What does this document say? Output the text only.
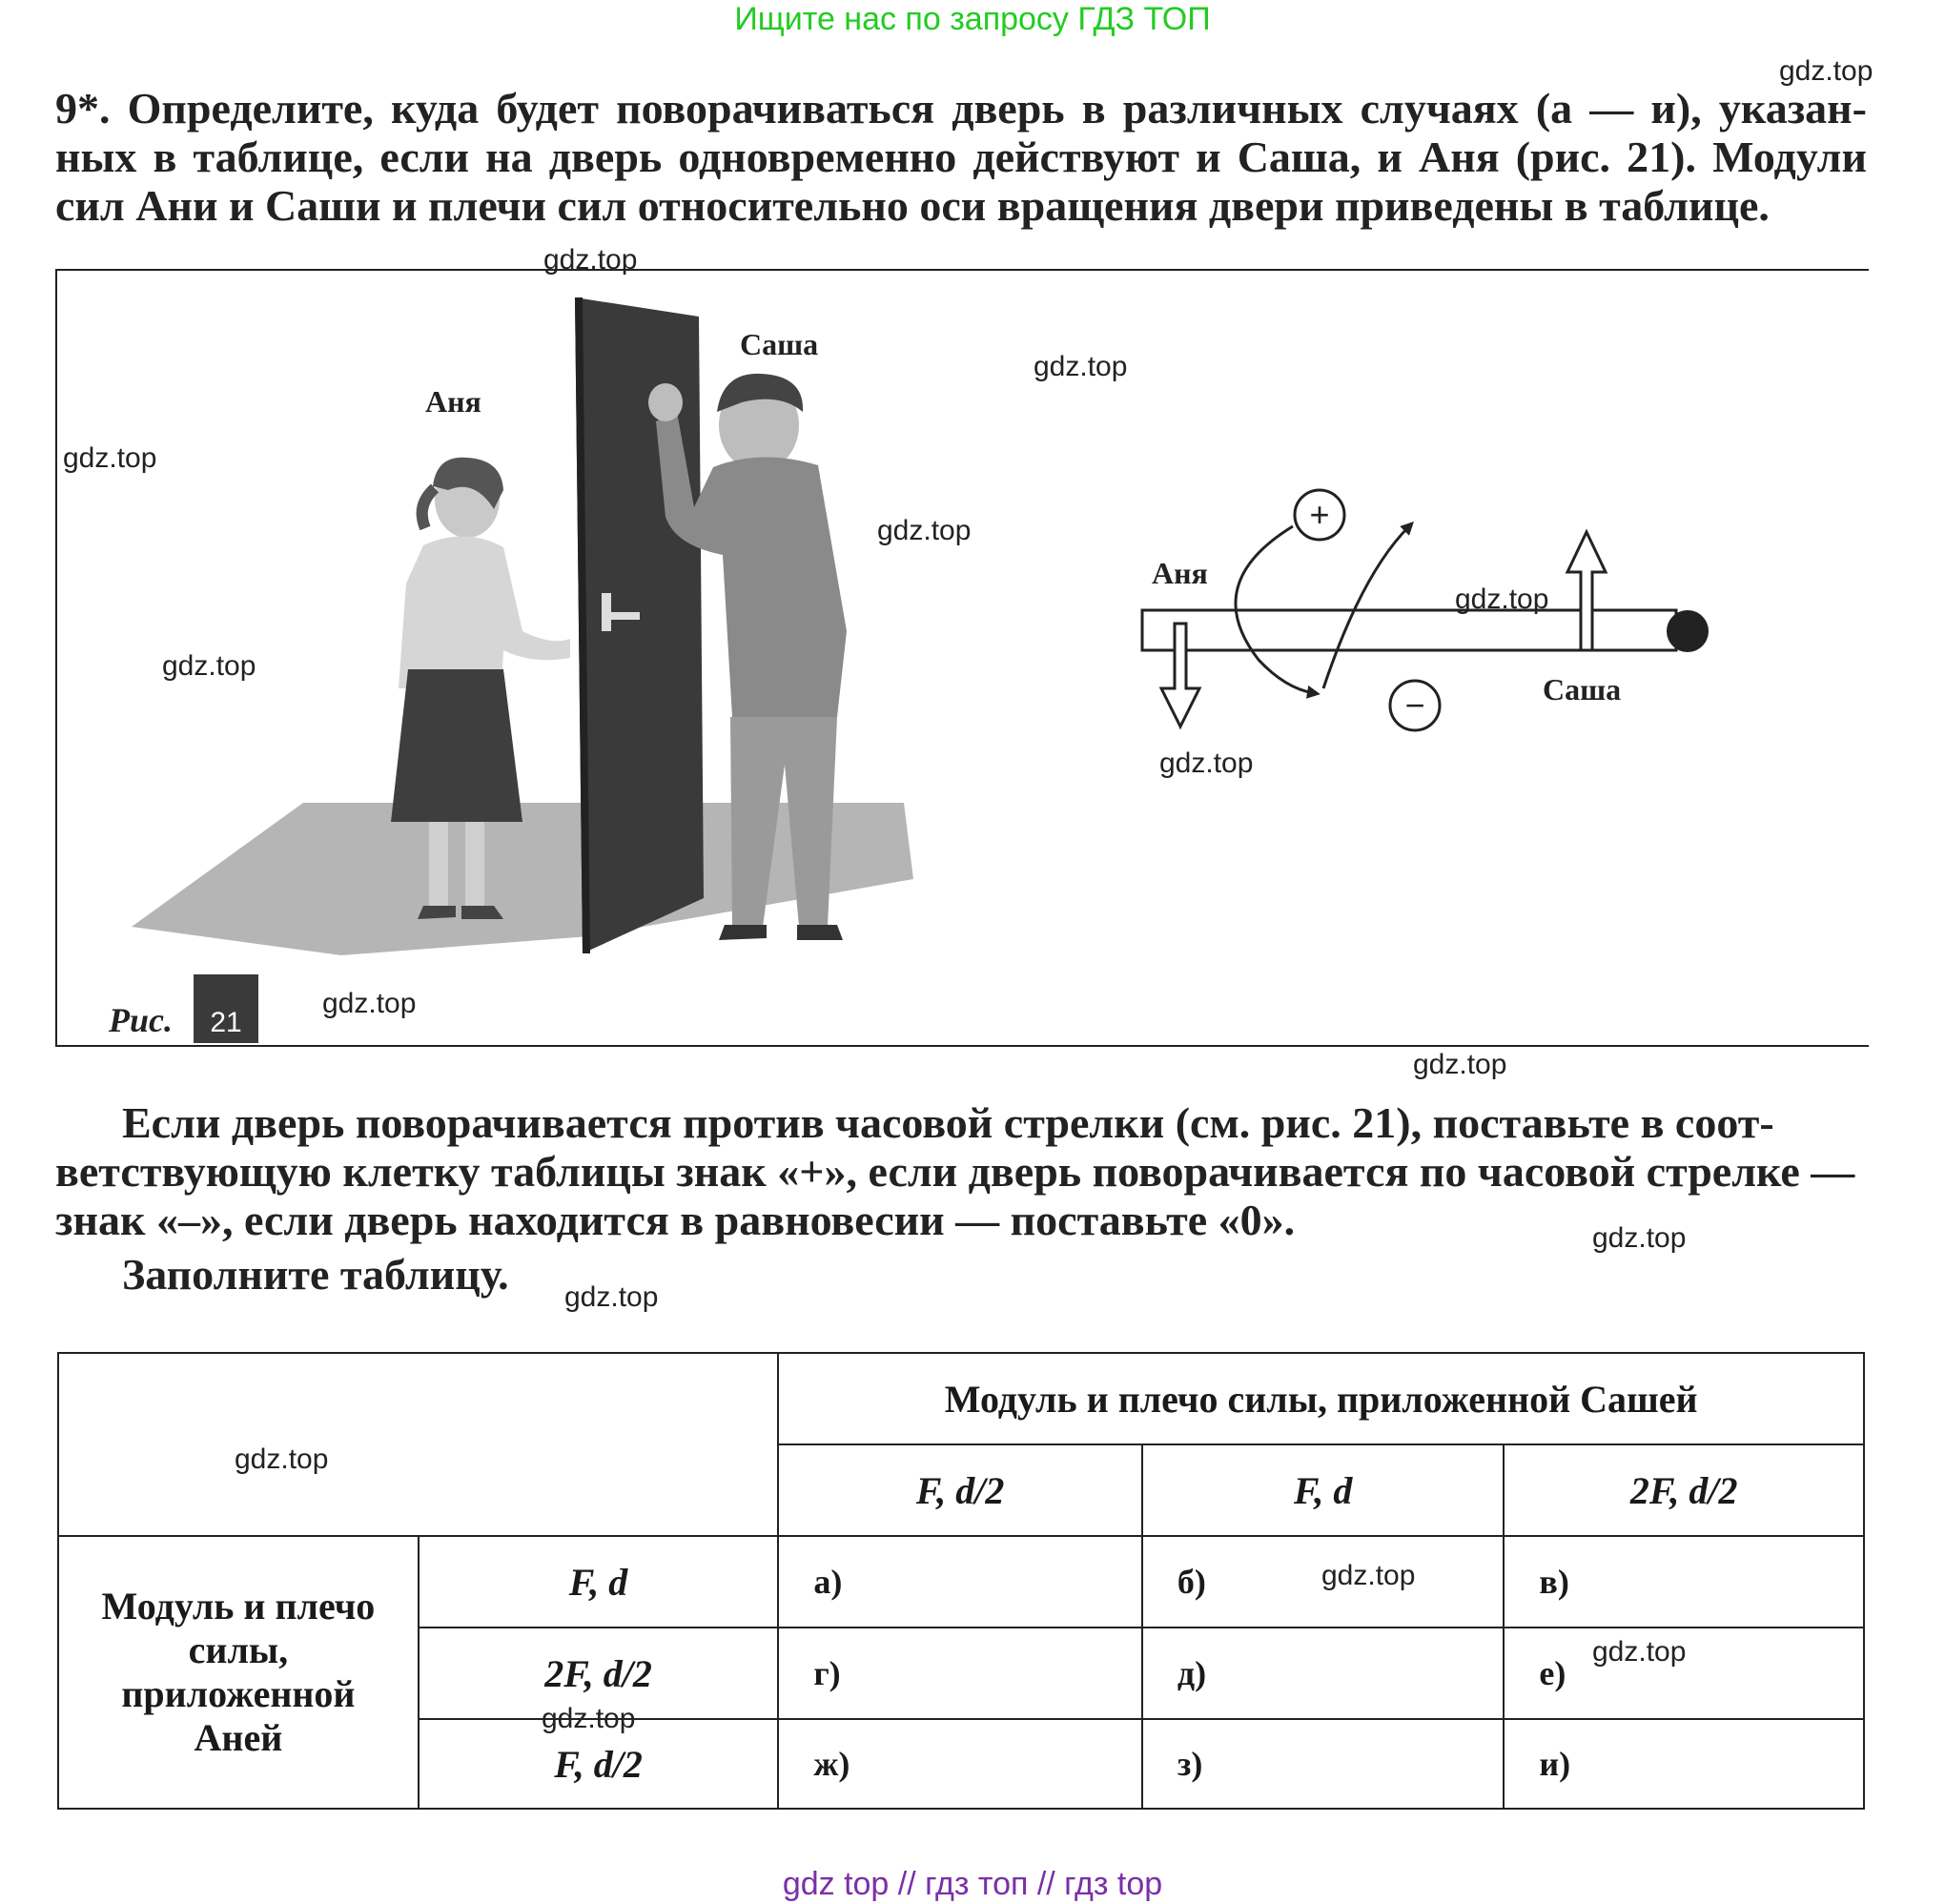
Ищите нас по запросу ГДЗ ТОП
9*. Определите, куда будет поворачиваться дверь в различных случаях (а — и), указан-
ных в таблице, если на дверь одновременно действуют и Саша, и Аня (рис. 21). Модули
сил Ани и Саши и плечи сил относительно оси вращения двери приведены в таблице.
Аня
Саша
+
−
Аня
Саша
Рис. 21
Если дверь поворачивается против часовой стрелки (см. рис. 21), поставьте в соот-
ветствующую клетку таблицы знак «+», если дверь поворачивается по часовой стрелке —
знак «–», если дверь находится в равновесии — поставьте «0».
Заполните таблицу.
		Модуль и плечо силы, приложенной Сашей		
		F, d/2	F, d	2F, d/2

Модуль и плечо
силы,
приложенной
Аней	F, d	а)	б)	в)
	2F, d/2	г)	д)	е)
	F, d/2	ж)	з)	и)
gdz.top
gdz.top
gdz.top
gdz.top
gdz.top
gdz.top
gdz.top
gdz.top
gdz.top
gdz.top
gdz.top
gdz.top
gdz.top
gdz.top
gdz.top
gdz.top
gdz top // гдз топ // гдз top
